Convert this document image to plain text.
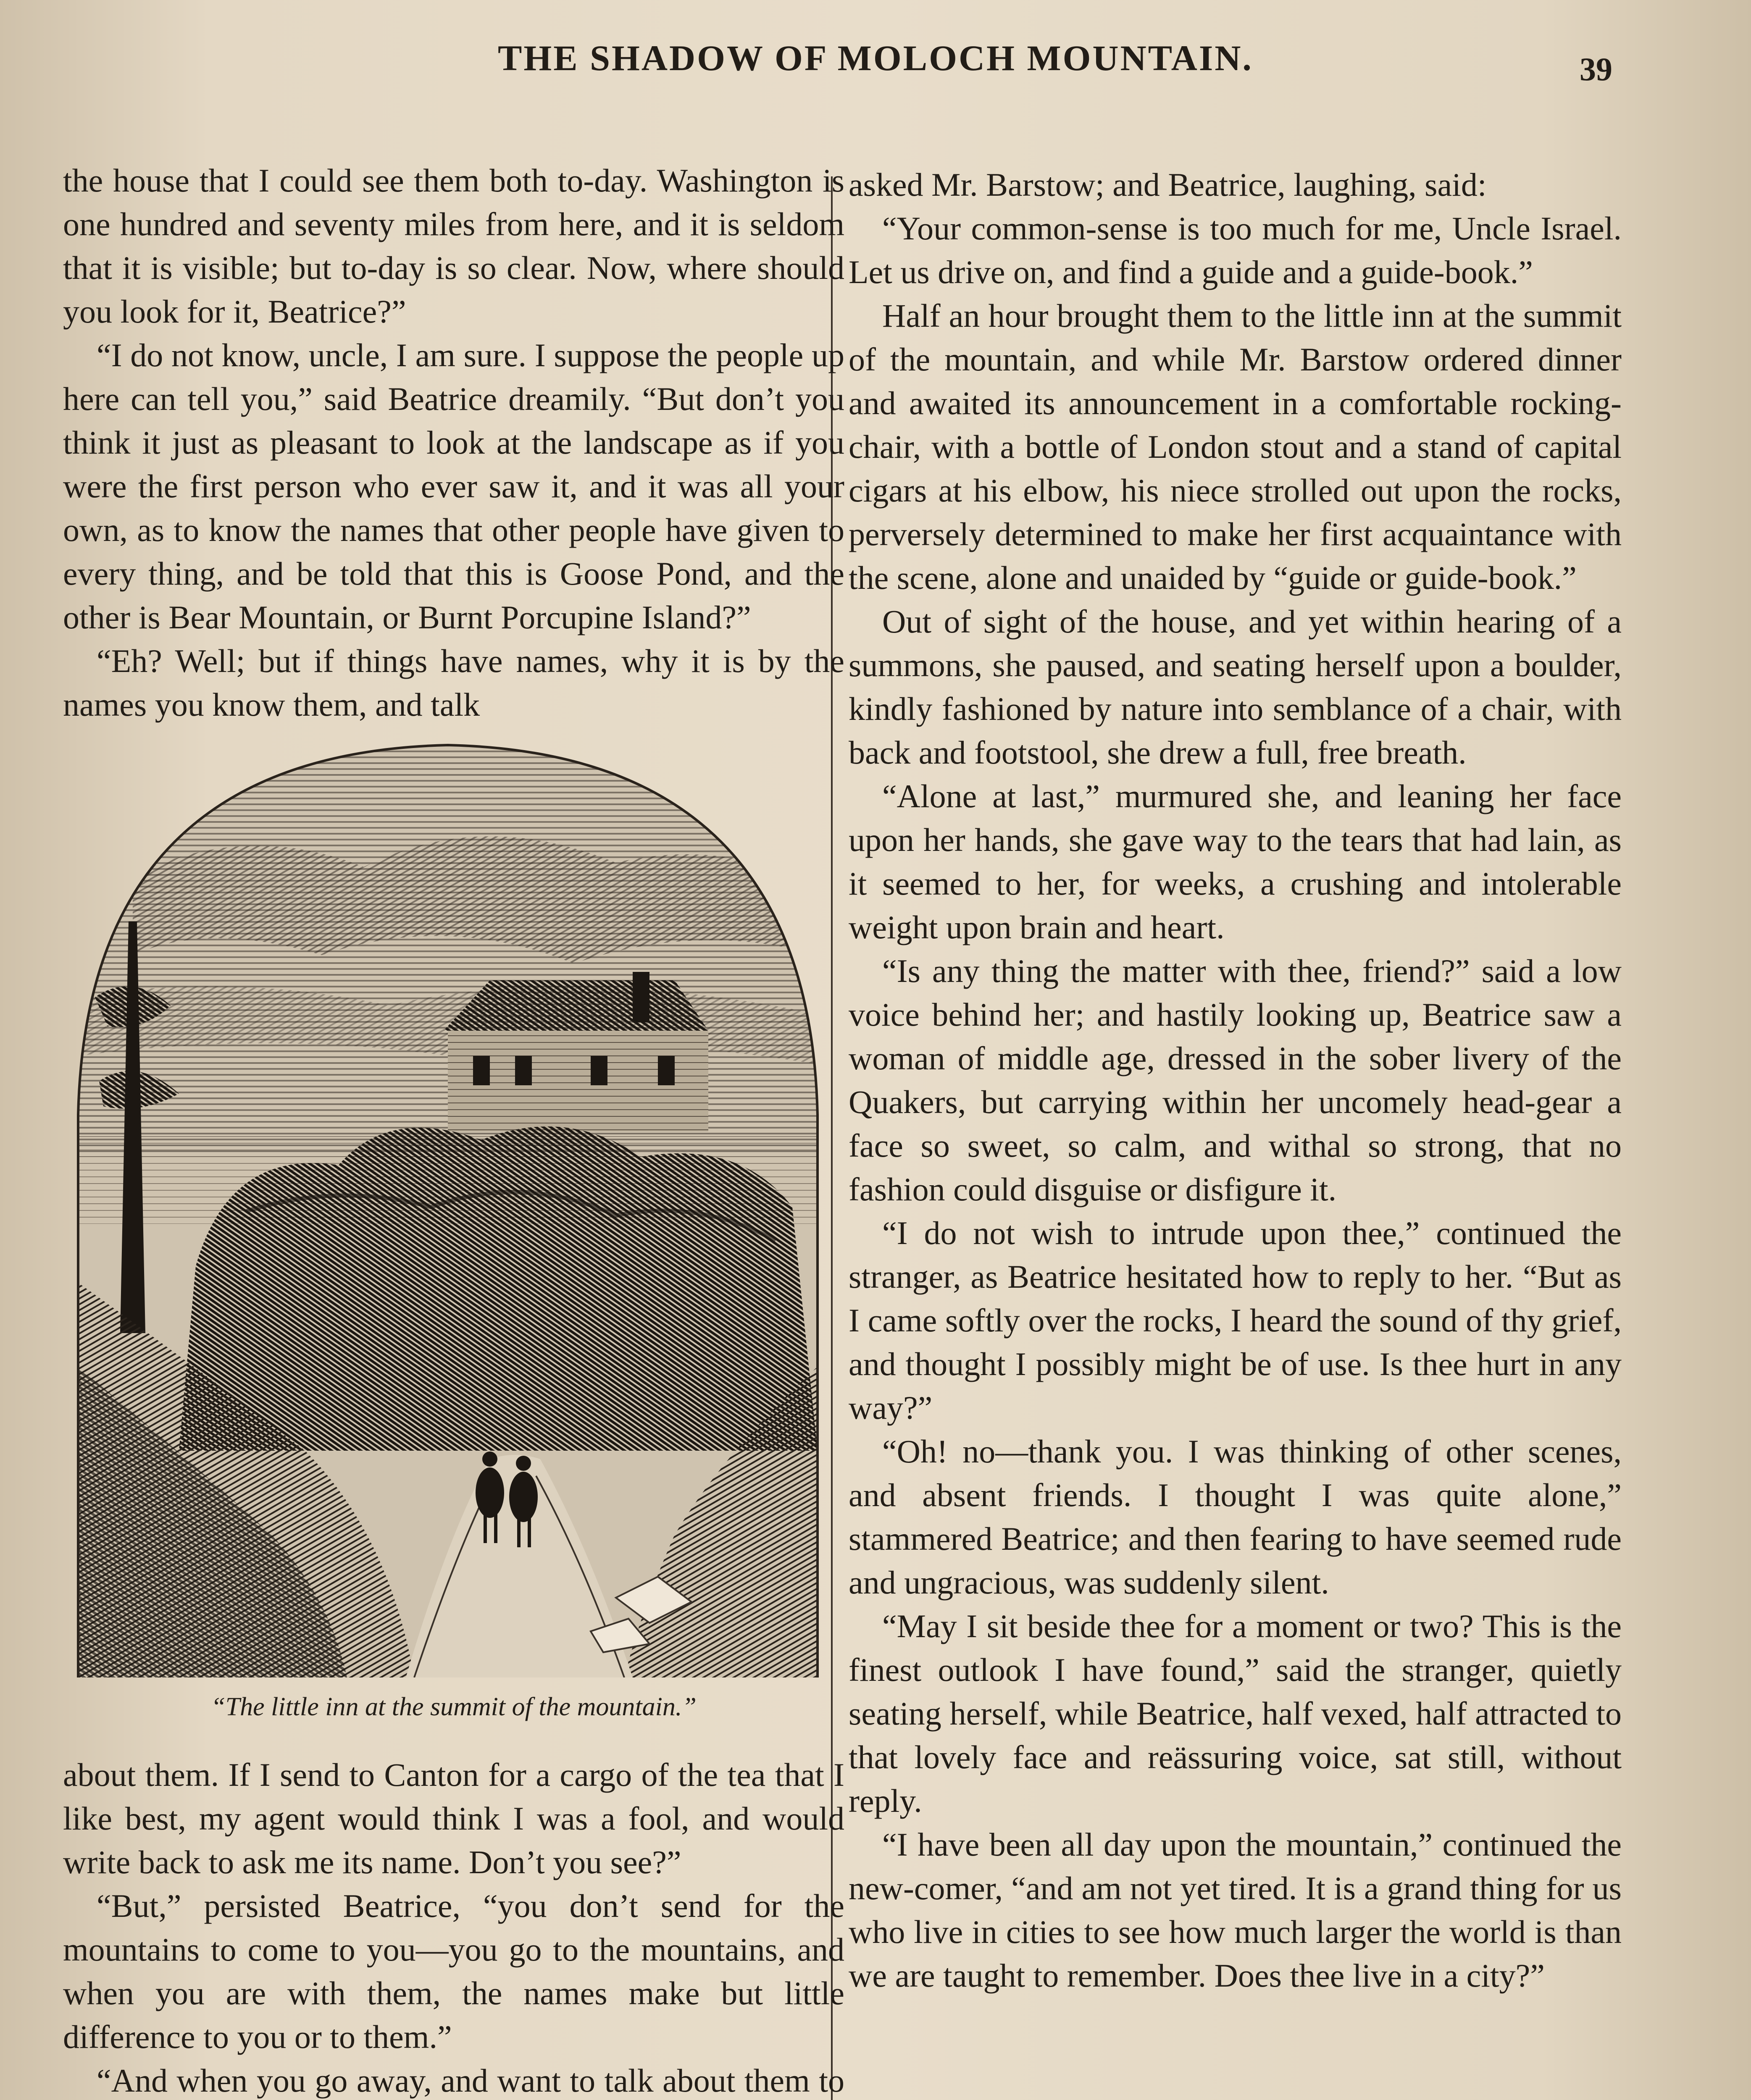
THE SHADOW OF MOLOCH MOUNTAIN.	39

the house that I could see them both to-day. Washington is one hundred and seventy miles from here, and it is seldom that it is visible; but to-day is so clear. Now, where should you look for it, Beatrice?”

“I do not know, uncle, I am sure. I suppose the people up here can tell you,” said Beatrice dreamily. “But don’t you think it just as pleasant to look at the landscape as if you were the first person who ever saw it, and it was all your own, as to know the names that other people have given to every thing, and be told that this is Goose Pond, and the other is Bear Mountain, or Burnt Porcupine Island?”

“Eh? Well; but if things have names, why it is by the names you know them, and talk

“The little inn at the summit of the mountain.”

about them. If I send to Canton for a cargo of the tea that I like best, my agent would think I was a fool, and would write back to ask me its name. Don’t you see?”

“But,” persisted Beatrice, “you don’t send for the mountains to come to you—you go to the mountains, and when you are with them, the names make but little difference to you or to them.”

“And when you go away, and want to talk about them to

asked Mr. Barstow; and Beatrice, laughing, said:

“Your common-sense is too much for me, Uncle Israel. Let us drive on, and find a guide and a guide-book.”

Half an hour brought them to the little inn at the summit of the mountain, and while Mr. Barstow ordered dinner and awaited its announcement in a comfortable rocking-chair, with a bottle of London stout and a stand of capital cigars at his elbow, his niece strolled out upon the rocks, perversely determined to make her first acquaintance with the scene, alone and unaided by “guide or guide-book.”

Out of sight of the house, and yet within hearing of a summons, she paused, and seating herself upon a boulder, kindly fashioned by nature into semblance of a chair, with back and footstool, she drew a full, free breath.

“Alone at last,” murmured she, and leaning her face upon her hands, she gave way to the tears that had lain, as it seemed to her, for weeks, a crushing and intolerable weight upon brain and heart.

“Is any thing the matter with thee, friend?” said a low voice behind her; and hastily looking up, Beatrice saw a woman of middle age, dressed in the sober livery of the Quakers, but carrying within her uncomely head-gear a face so sweet, so calm, and withal so strong, that no fashion could disguise or disfigure it.

“I do not wish to intrude upon thee,” continued the stranger, as Beatrice hesitated how to reply to her. “But as I came softly over the rocks, I heard the sound of thy grief, and thought I possibly might be of use. Is thee hurt in any way?”

“Oh! no—thank you. I was thinking of other scenes, and absent friends. I thought I was quite alone,” stammered Beatrice; and then fearing to have seemed rude and ungracious, was suddenly silent.

“May I sit beside thee for a moment or two? This is the finest outlook I have found,” said the stranger, quietly seating herself, while Beatrice, half vexed, half attracted to that lovely face and reässuring voice, sat still, without reply.

“I have been all day upon the mountain,” continued the new-comer, “and am not yet tired. It is a grand thing for us who live in cities to see how much larger the world is than we are taught to remember. Does thee live in a city?”
